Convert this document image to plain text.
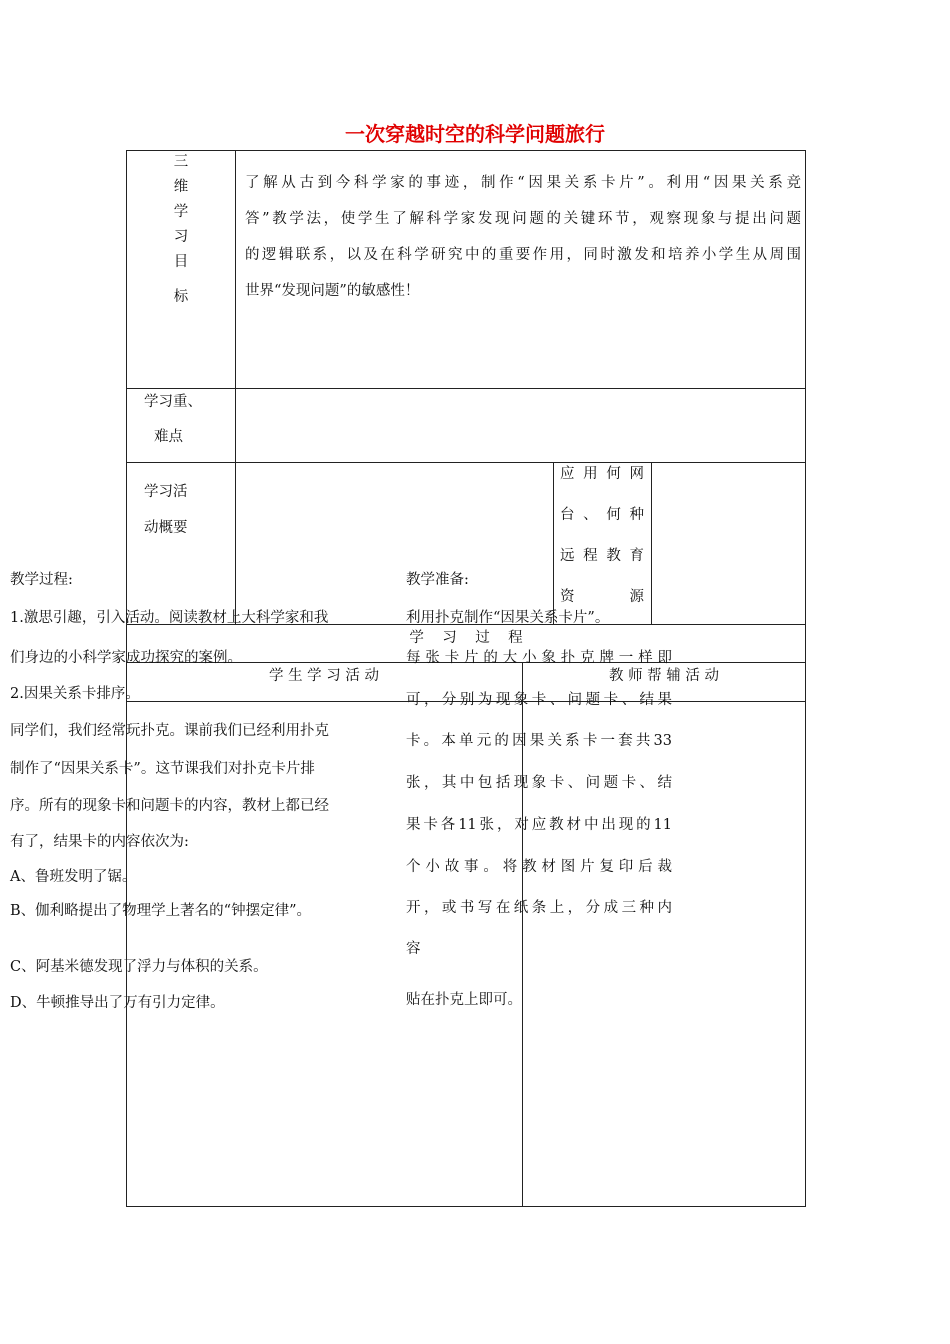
一次穿越时空的科学问题旅行
三
维
学
习
目
标
了解从古到今科学家的事迹，制作“因果关系卡片”。利用“因果关系竞
答”教学法，使学生了解科学家发现问题的关键环节，观察现象与提出问题
的逻辑联系，以及在科学研究中的重要作用，同时激发和培养小学生从周围
世界“发现问题”的敏感性！
学习重、
难点
学习活
动概要
应 用 何 网
台 、 何 种
远 程 教 育
资 源
学    习    过    程
学 生 学 习 活 动	教 师 帮 辅 活 动
教学过程:
1.激思引趣，引入活动。阅读教材上大科学家和我
们身边的小科学家成功探究的案例。
2.因果关系卡排序。
同学们，我们经常玩扑克。课前我们已经利用扑克
制作了“因果关系卡”。这节课我们对扑克卡片排
序。所有的现象卡和问题卡的内容，教材上都已经
有了，结果卡的内容依次为:
A、鲁班发明了锯。
B、伽利略提出了物理学上著名的“钟摆定律”。
C、阿基米德发现了浮力与体积的关系。
D、牛顿推导出了万有引力定律。
教学准备:
利用扑克制作“因果关系卡片”。
每张卡片的大小象扑克牌一样即
可，分别为现象卡、问题卡、结果
卡。本单元的因果关系卡一套共33
张，其中包括现象卡、问题卡、结
果卡各11张，对应教材中出现的11
个小故事。将教材图片复印后裁
开，或书写在纸条上，分成三种内
容
贴在扑克上即可。
